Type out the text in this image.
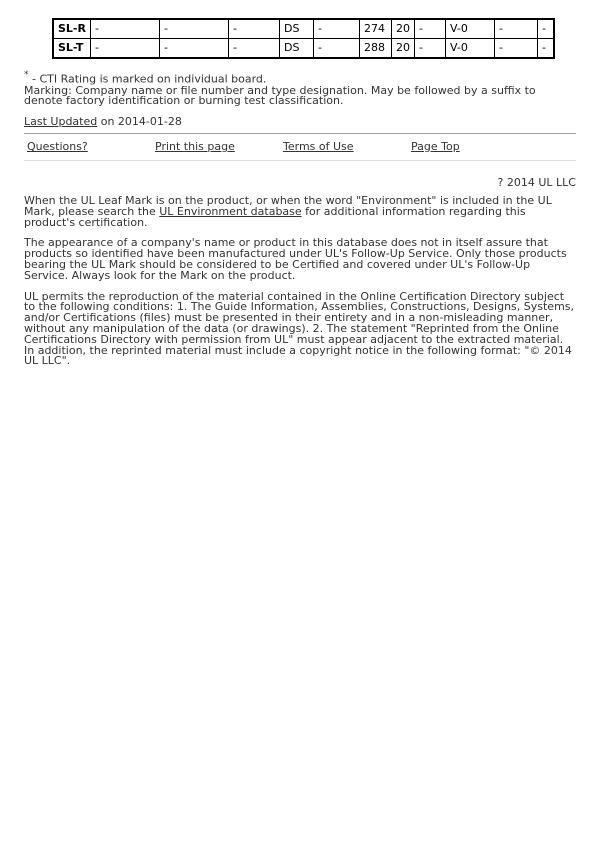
SL-R	-	-	-	DS	-	274	20	-	V-0	-	-
SL-T	-	-	-	DS	-	288	20	-	V-0	-	-
* - CTI Rating is marked on individual board.

Marking: Company name or file number and type designation. May be followed by a suffix to denote factory identification or burning test classification.

Last Updated on 2014-01-28
Questions?	Print this page	Terms of Use	Page Top
? 2014 UL LLC

When the UL Leaf Mark is on the product, or when the word "Environment" is included in the UL Mark, please search the UL Environment database for additional information regarding this product's certification.

The appearance of a company's name or product in this database does not in itself assure that products so identified have been manufactured under UL's Follow-Up Service. Only those products bearing the UL Mark should be considered to be Certified and covered under UL's Follow-Up Service. Always look for the Mark on the product.

UL permits the reproduction of the material contained in the Online Certification Directory subject to the following conditions: 1. The Guide Information, Assemblies, Constructions, Designs, Systems, and/or Certifications (files) must be presented in their entirety and in a non-misleading manner, without any manipulation of the data (or drawings). 2. The statement "Reprinted from the Online Certifications Directory with permission from UL" must appear adjacent to the extracted material. In addition, the reprinted material must include a copyright notice in the following format: "© 2014 UL LLC".
